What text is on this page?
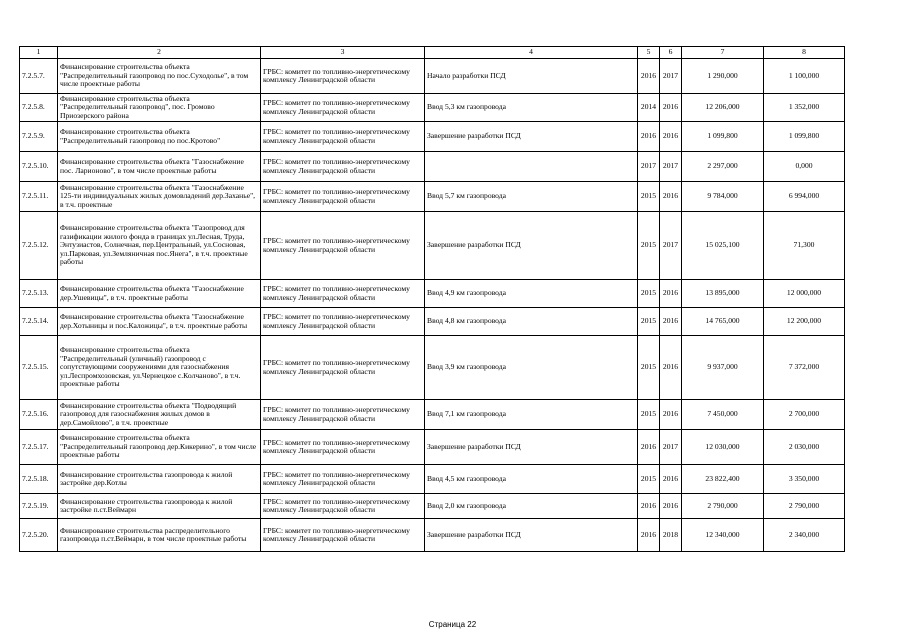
1	2	3	4	5	6	7	8
7.2.5.7.	Финансирование строительства объекта "Распределительный газопровод по пос.Суходолье", в том числе проектные работы	ГРБС: комитет по топливно-энергетическому комплексу Ленинградской области	Начало разработки ПСД	2016	2017	1 290,000	1 100,000
7.2.5.8.	Финансирование строительства объекта "Распределительный газопровод", пос. Громово Приозерского района	ГРБС: комитет по топливно-энергетическому комплексу Ленинградской области	Ввод 5,3 км газопровода	2014	2016	12 206,000	1 352,000
7.2.5.9.	Финансирование строительства объекта "Распределительный газопровод по пос.Кротово"	ГРБС: комитет по топливно-энергетическому комплексу Ленинградской области	Завершение разработки ПСД	2016	2016	1 099,800	1 099,800
7.2.5.10.	Финансирование строительства объекта "Газоснабжение пос. Ларионово", в том числе проектные работы	ГРБС: комитет по топливно-энергетическому комплексу Ленинградской области		2017	2017	2 297,000	0,000
7.2.5.11.	Финансирование строительства объекта "Газоснабжение 125-ти индивидуальных жилых домовладений дер.Заханье", в т.ч. проектные	ГРБС: комитет по топливно-энергетическому комплексу Ленинградской области	Ввод 5,7 км газопровода	2015	2016	9 784,000	6 994,000
7.2.5.12.	Финансирование строительства объекта "Газопровод для газификации жилого фонда в границах ул.Лесная, Труда, Энтузиастов, Солнечная, пер.Центральный, ул.Сосновая, ул.Парковая, ул.Земляничная пос.Янега", в т.ч. проектные работы	ГРБС: комитет по топливно-энергетическому комплексу Ленинградской области	Завершение разработки ПСД	2015	2017	15 025,100	71,300
7.2.5.13.	Финансирование строительства объекта "Газоснабжение дер.Ушевицы", в т.ч. проектные работы	ГРБС: комитет по топливно-энергетическому комплексу Ленинградской области	Ввод 4,9 км газопровода	2015	2016	13 895,000	12 000,000
7.2.5.14.	Финансирование строительства объекта "Газоснабжение дер.Хотыницы и пос.Каложицы", в т.ч. проектные работы	ГРБС: комитет по топливно-энергетическому комплексу Ленинградской области	Ввод 4,8 км газопровода	2015	2016	14 765,000	12 200,000
7.2.5.15.	Финансирование строительства объекта "Распределительный (уличный) газопровод с сопутствующими сооружениями для газоснабжения ул.Леспромхозовская, ул.Чернецкое с.Колчаново", в т.ч. проектные работы	ГРБС: комитет по топливно-энергетическому комплексу Ленинградской области	Ввод 3,9 км газопровода	2015	2016	9 937,000	7 372,000
7.2.5.16.	Финансирование строительства объекта "Подводящий газопровод для газоснабжения жилых домов в дер.Самойлово", в т.ч. проектные	ГРБС: комитет по топливно-энергетическому комплексу Ленинградской области	Ввод 7,1 км газопровода	2015	2016	7 450,000	2 700,000
7.2.5.17.	Финансирование строительства объекта "Распределительный газопровод дер.Кикерино", в том числе проектные работы	ГРБС: комитет по топливно-энергетическому комплексу Ленинградской области	Завершение разработки ПСД	2016	2017	12 030,000	2 030,000
7.2.5.18.	Финансирование строительства газопровода к жилой застройке дер.Котлы	ГРБС: комитет по топливно-энергетическому комплексу Ленинградской области	Ввод 4,5 км газопровода	2015	2016	23 822,400	3 350,000
7.2.5.19.	Финансирование строительства газопровода к жилой застройке п.ст.Веймарн	ГРБС: комитет по топливно-энергетическому комплексу Ленинградской области	Ввод 2,0 км газопровода	2016	2016	2 790,000	2 790,000
7.2.5.20.	Финансирование строительства распределительного газопровода п.ст.Веймарн, в том числе проектные работы	ГРБС: комитет по топливно-энергетическому комплексу Ленинградской области	Завершение разработки ПСД	2016	2018	12 340,000	2 340,000
Страница 22
